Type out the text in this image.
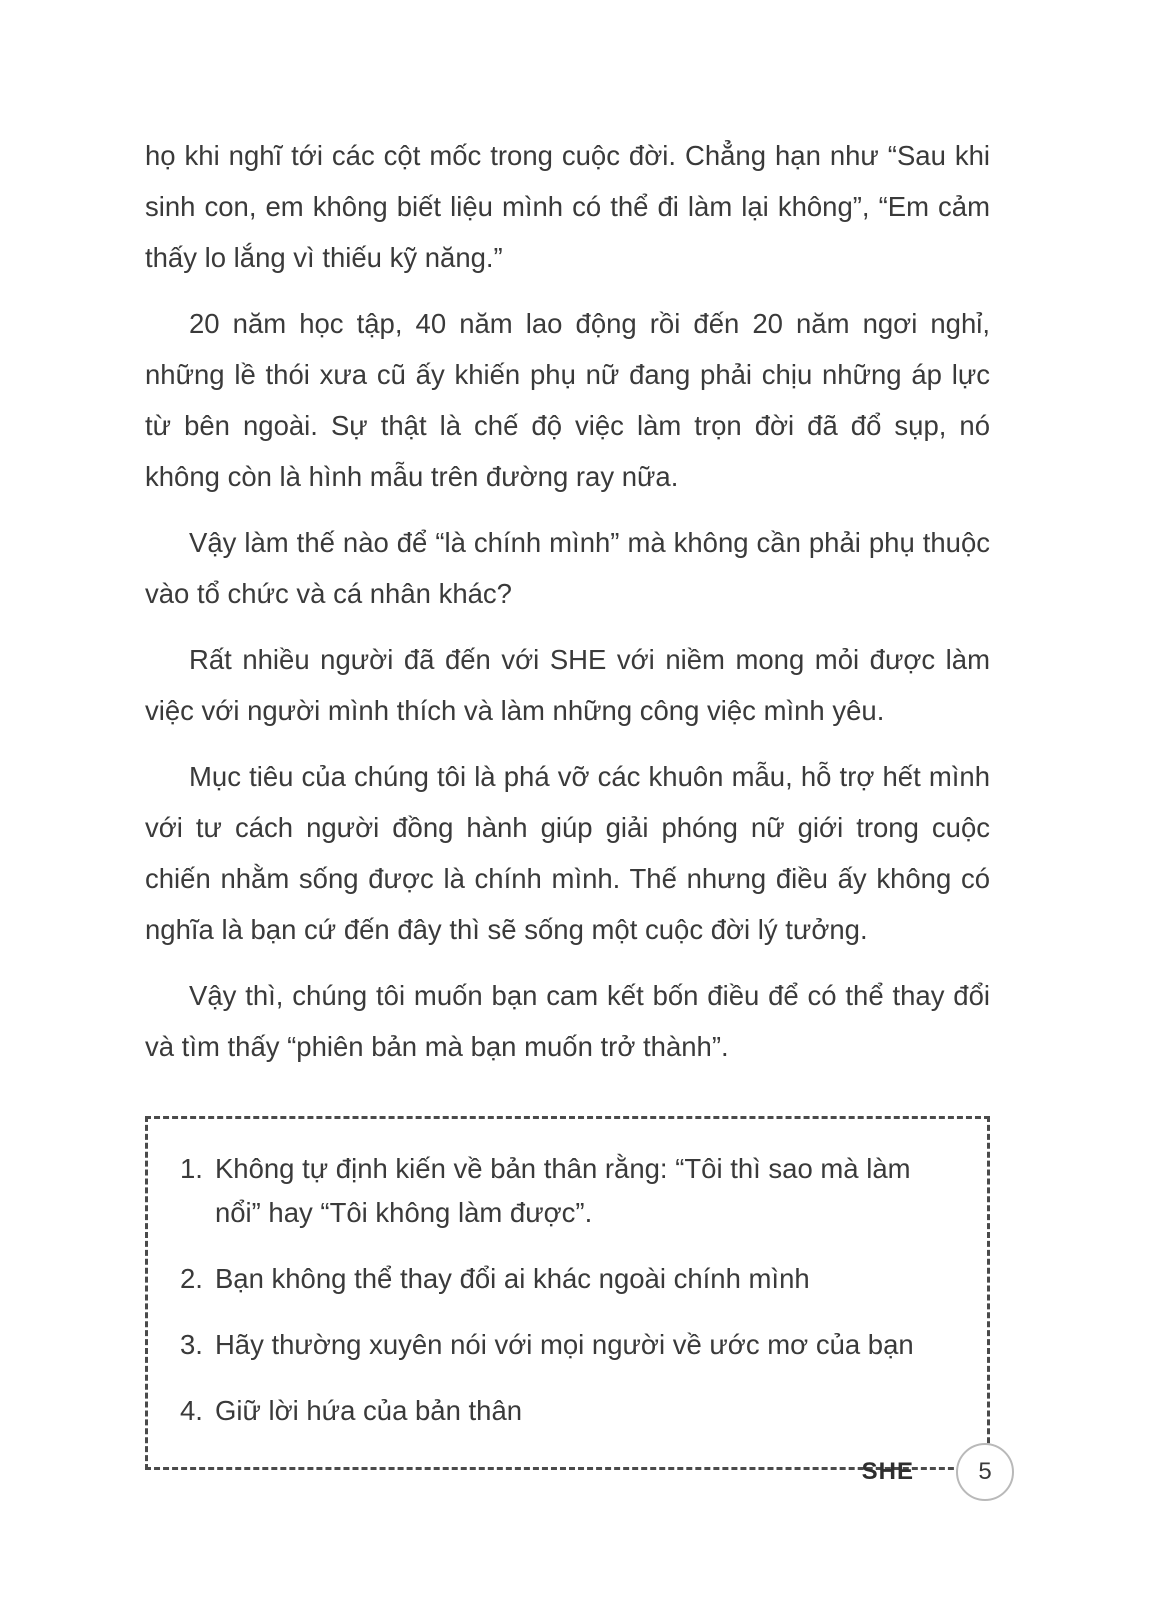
họ khi nghĩ tới các cột mốc trong cuộc đời. Chẳng hạn như “Sau khi sinh con, em không biết liệu mình có thể đi làm lại không”, “Em cảm thấy lo lắng vì thiếu kỹ năng.”

20 năm học tập, 40 năm lao động rồi đến 20 năm ngơi nghỉ, những lề thói xưa cũ ấy khiến phụ nữ đang phải chịu những áp lực từ bên ngoài. Sự thật là chế độ việc làm trọn đời đã đổ sụp, nó không còn là hình mẫu trên đường ray nữa.

Vậy làm thế nào để “là chính mình” mà không cần phải phụ thuộc vào tổ chức và cá nhân khác?

Rất nhiều người đã đến với SHE với niềm mong mỏi được làm việc với người mình thích và làm những công việc mình yêu.

Mục tiêu của chúng tôi là phá vỡ các khuôn mẫu, hỗ trợ hết mình với tư cách người đồng hành giúp giải phóng nữ giới trong cuộc chiến nhằm sống được là chính mình. Thế nhưng điều ấy không có nghĩa là bạn cứ đến đây thì sẽ sống một cuộc đời lý tưởng.

Vậy thì, chúng tôi muốn bạn cam kết bốn điều để có thể thay đổi và tìm thấy “phiên bản mà bạn muốn trở thành”.

1. Không tự định kiến về bản thân rằng: “Tôi thì sao mà làm nổi” hay “Tôi không làm được”.
2. Bạn không thể thay đổi ai khác ngoài chính mình
3. Hãy thường xuyên nói với mọi người về ước mơ của bạn
4. Giữ lời hứa của bản thân
SHE	5
